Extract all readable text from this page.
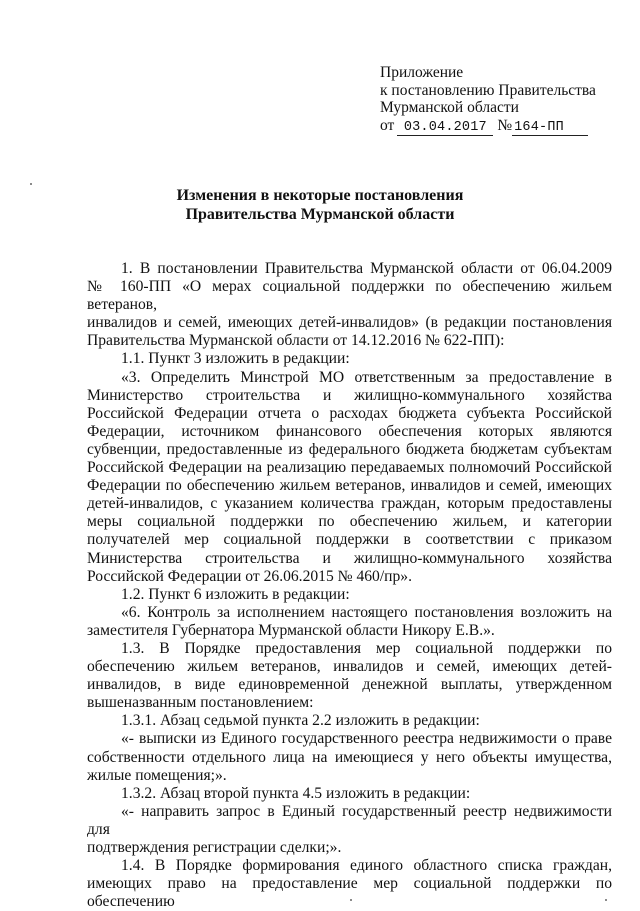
Приложение
к постановлению Правительства
Мурманской области
от 03.04.2017 № 164-ПП
Изменения в некоторые постановления
Правительства Мурманской области
1. В постановлении Правительства Мурманской области от 06.04.2009
№ 160-ПП «О мерах социальной поддержки по обеспечению жильем ветеранов,
инвалидов и семей, имеющих детей-инвалидов» (в редакции постановления
Правительства Мурманской области от 14.12.2016 № 622-ПП):
1.1. Пункт 3 изложить в редакции:
«3. Определить Минстрой МО ответственным за предоставление в
Министерство строительства и жилищно-коммунального хозяйства
Российской Федерации отчета о расходах бюджета субъекта Российской
Федерации, источником финансового обеспечения которых являются
субвенции, предоставленные из федерального бюджета бюджетам субъектам
Российской Федерации на реализацию передаваемых полномочий Российской
Федерации по обеспечению жильем ветеранов, инвалидов и семей, имеющих
детей-инвалидов, с указанием количества граждан, которым предоставлены
меры социальной поддержки по обеспечению жильем, и категории
получателей мер социальной поддержки в соответствии с приказом
Министерства строительства и жилищно-коммунального хозяйства
Российской Федерации от 26.06.2015 № 460/пр».
1.2. Пункт 6 изложить в редакции:
«6. Контроль за исполнением настоящего постановления возложить на
заместителя Губернатора Мурманской области Никору Е.В.».
1.3. В Порядке предоставления мер социальной поддержки по
обеспечению жильем ветеранов, инвалидов и семей, имеющих детей-
инвалидов, в виде единовременной денежной выплаты, утвержденном
вышеназванным постановлением:
1.3.1. Абзац седьмой пункта 2.2 изложить в редакции:
«- выписки из Единого государственного реестра недвижимости о праве
собственности отдельного лица на имеющиеся у него объекты имущества,
жилые помещения;».
1.3.2. Абзац второй пункта 4.5 изложить в редакции:
«- направить запрос в Единый государственный реестр недвижимости для
подтверждения регистрации сделки;».
1.4. В Порядке формирования единого областного списка граждан,
имеющих право на предоставление мер социальной поддержки по обеспечению
